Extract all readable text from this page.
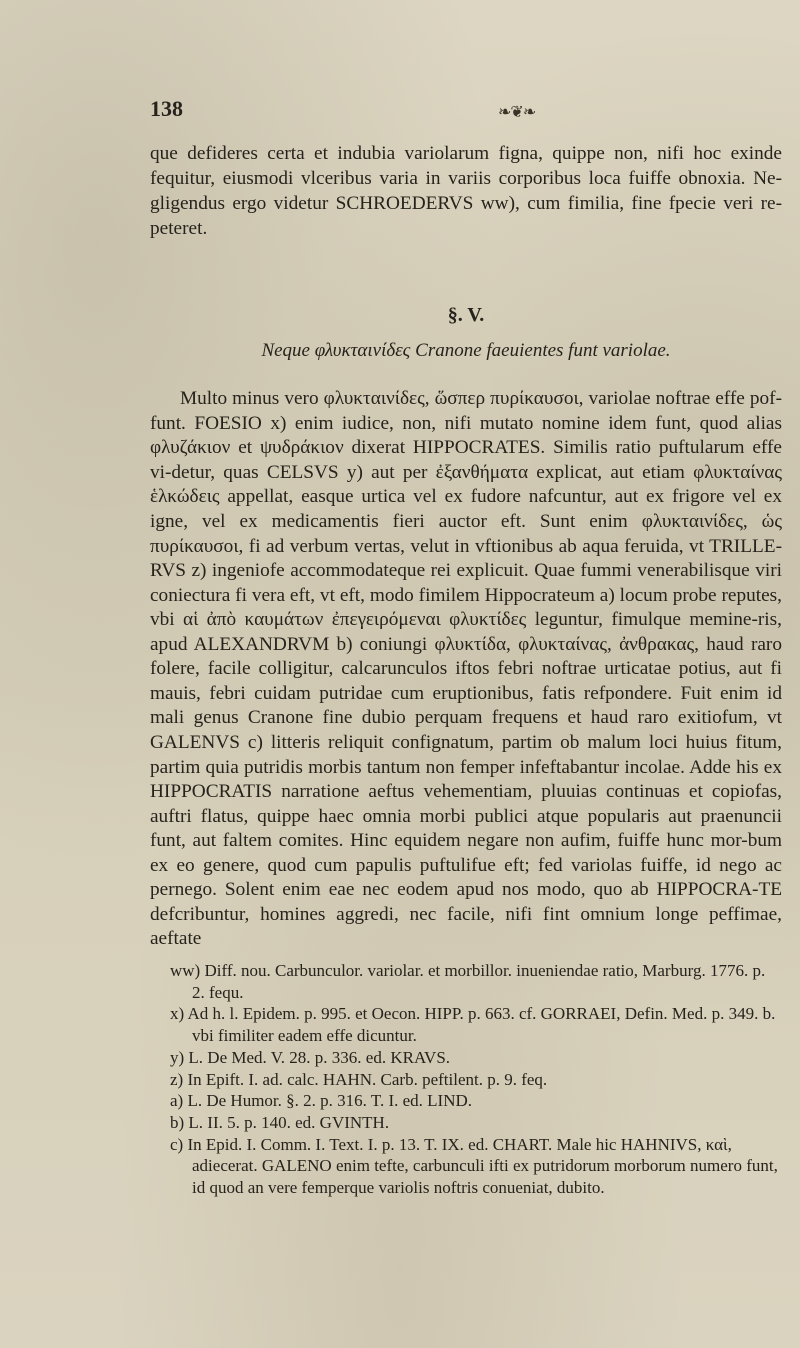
138	❧❦❧

que defideres certa et indubia variolarum figna, quippe non, nifi hoc exinde fequitur, eiusmodi vlceribus varia in variis corporibus loca fuiffe obnoxia. Ne-gligendus ergo videtur SCHROEDERVS ww), cum fimilia, fine fpecie veri re-peteret.

§. V.
Neque φλυκταινίδες Cranone faeuientes funt variolae.

Multo minus vero φλυκταινίδες, ὥσπερ πυρίκαυσοι, variolae noftrae effe pof-funt. FOESIO x) enim iudice, non, nifi mutato nomine idem funt, quod alias φλυζάκιον et ψυδράκιον dixerat HIPPOCRATES. Similis ratio puftularum effe vi-detur, quas CELSVS y) aut per ἐξανθήματα explicat, aut etiam φλυκταίνας ἑλκώδεις appellat, easque urtica vel ex fudore nafcuntur, aut ex frigore vel ex igne, vel ex medicamentis fieri auctor eft. Sunt enim φλυκταινίδες, ὡς πυρίκαυσοι, fi ad verbum vertas, velut in vftionibus ab aqua feruida, vt TRILLE-RVS z) ingeniofe accommodateque rei explicuit. Quae fummi venerabilisque viri coniectura fi vera eft, vt eft, modo fimilem Hippocrateum a) locum probe reputes, vbi αἱ ἀπὸ καυμάτων ἐπεγειρόμεναι φλυκτίδες leguntur, fimulque memine-ris, apud ALEXANDRVM b) coniungi φλυκτίδα, φλυκταίνας, ἀνθρακας, haud raro folere, facile colligitur, calcarunculos iftos febri noftrae urticatae potius, aut fi mauis, febri cuidam putridae cum eruptionibus, fatis refpondere. Fuit enim id mali genus Cranone fine dubio perquam frequens et haud raro exitiofum, vt GALENVS c) litteris reliquit confignatum, partim ob malum loci huius fitum, partim quia putridis morbis tantum non femper infeftabantur incolae. Adde his ex HIPPOCRATIS narratione aeftus vehementiam, pluuias continuas et copiofas, auftri flatus, quippe haec omnia morbi publici atque popularis aut praenuncii funt, aut faltem comites. Hinc equidem negare non aufim, fuiffe hunc mor-bum ex eo genere, quod cum papulis puftulifue eft; fed variolas fuiffe, id nego ac pernego. Solent enim eae nec eodem apud nos modo, quo ab HIPPOCRA-TE defcribuntur, homines aggredi, nec facile, nifi fint omnium longe peffimae, aeftate

ww) Diff. nou. Carbunculor. variolar. et morbillor. inueniendae ratio, Marburg. 1776. p. 2. fequ.

x) Ad h. l. Epidem. p. 995. et Oecon. HIPP. p. 663. cf. GORRAEI, Defin. Med. p. 349. b. vbi fimiliter eadem effe dicuntur.

y) L. De Med. V. 28. p. 336. ed. KRAVS.

z) In Epift. I. ad. calc. HAHN. Carb. peftilent. p. 9. feq.

a) L. De Humor. §. 2. p. 316. T. I. ed. LIND.

b) L. II. 5. p. 140. ed. GVINTH.

c) In Epid. I. Comm. I. Text. I. p. 13. T. IX. ed. CHART. Male hic HAHNIVS, καὶ, adiecerat. GALENO enim tefte, carbunculi ifti ex putridorum morborum numero funt, id quod an vere femperque variolis noftris conueniat, dubito.
